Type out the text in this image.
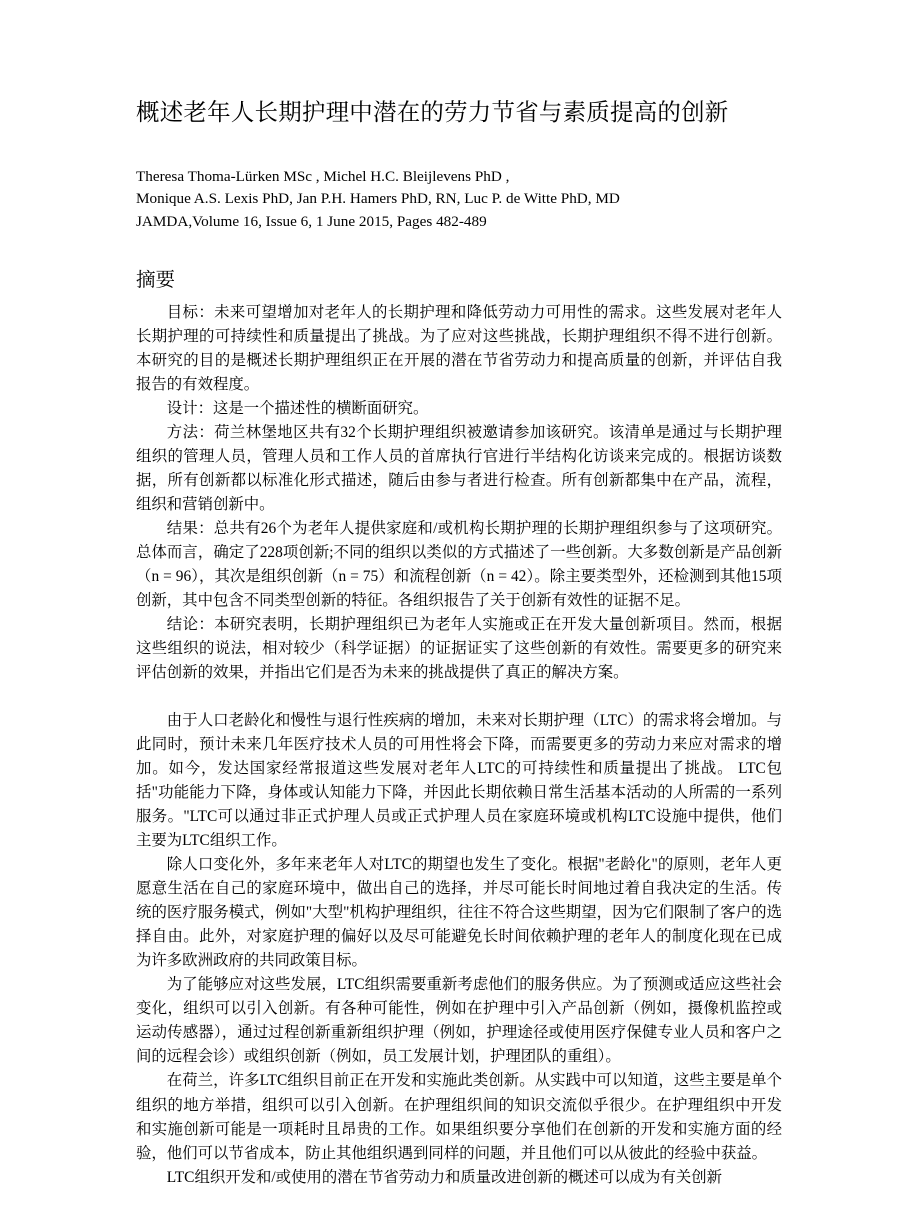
概述老年人长期护理中潜在的劳力节省与素质提高的创新
Theresa Thoma-Lürken MSc , Michel H.C. Bleijlevens PhD ,
Monique A.S. Lexis PhD, Jan P.H. Hamers PhD, RN, Luc P. de Witte PhD, MD
JAMDA,Volume 16, Issue 6, 1 June 2015, Pages 482-489
摘要

目标：未来可望增加对老年人的长期护理和降低劳动力可用性的需求。这些发展对老年人长期护理的可持续性和质量提出了挑战。为了应对这些挑战，长期护理组织不得不进行创新。本研究的目的是概述长期护理组织正在开展的潜在节省劳动力和提高质量的创新，并评估自我报告的有效程度。

设计：这是一个描述性的横断面研究。

方法：荷兰林堡地区共有32个长期护理组织被邀请参加该研究。该清单是通过与长期护理组织的管理人员，管理人员和工作人员的首席执行官进行半结构化访谈来完成的。根据访谈数据，所有创新都以标准化形式描述，随后由参与者进行检查。所有创新都集中在产品，流程，组织和营销创新中。

结果：总共有26个为老年人提供家庭和/或机构长期护理的长期护理组织参与了这项研究。总体而言，确定了228项创新;不同的组织以类似的方式描述了一些创新。大多数创新是产品创新（n = 96），其次是组织创新（n = 75）和流程创新（n = 42）。除主要类型外，还检测到其他15项创新，其中包含不同类型创新的特征。各组织报告了关于创新有效性的证据不足。

结论：本研究表明，长期护理组织已为老年人实施或正在开发大量创新项目。然而，根据这些组织的说法，相对较少（科学证据）的证据证实了这些创新的有效性。需要更多的研究来评估创新的效果，并指出它们是否为未来的挑战提供了真正的解决方案。

由于人口老龄化和慢性与退行性疾病的增加，未来对长期护理（LTC）的需求将会增加。与此同时，预计未来几年医疗技术人员的可用性将会下降，而需要更多的劳动力来应对需求的增加。如今，发达国家经常报道这些发展对老年人LTC的可持续性和质量提出了挑战。 LTC包括"功能能力下降，身体或认知能力下降，并因此长期依赖日常生活基本活动的人所需的一系列服务。"LTC可以通过非正式护理人员或正式护理人员在家庭环境或机构LTC设施中提供，他们主要为LTC组织工作。

除人口变化外，多年来老年人对LTC的期望也发生了变化。根据"老龄化"的原则，老年人更愿意生活在自己的家庭环境中，做出自己的选择，并尽可能长时间地过着自我决定的生活。传统的医疗服务模式，例如"大型"机构护理组织，往往不符合这些期望，因为它们限制了客户的选择自由。此外，对家庭护理的偏好以及尽可能避免长时间依赖护理的老年人的制度化现在已成为许多欧洲政府的共同政策目标。

为了能够应对这些发展，LTC组织需要重新考虑他们的服务供应。为了预测或适应这些社会变化，组织可以引入创新。有各种可能性，例如在护理中引入产品创新（例如，摄像机监控或运动传感器），通过过程创新重新组织护理（例如，护理途径或使用医疗保健专业人员和客户之间的远程会诊）或组织创新（例如，员工发展计划，护理团队的重组）。

在荷兰，许多LTC组织目前正在开发和实施此类创新。从实践中可以知道，这些主要是单个组织的地方举措，组织可以引入创新。在护理组织间的知识交流似乎很少。在护理组织中开发和实施创新可能是一项耗时且昂贵的工作。如果组织要分享他们在创新的开发和实施方面的经验，他们可以节省成本，防止其他组织遇到同样的问题，并且他们可以从彼此的经验中获益。

LTC组织开发和/或使用的潜在节省劳动力和质量改进创新的概述可以成为有关创新
